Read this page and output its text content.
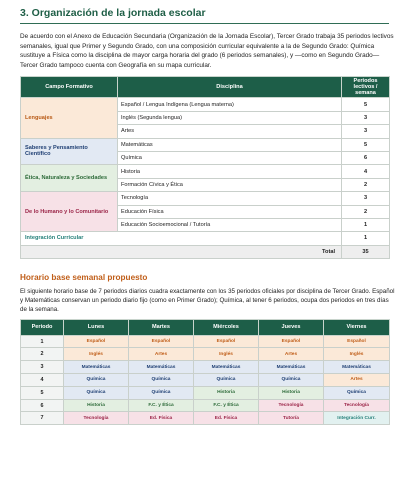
3. Organización de la jornada escolar

De acuerdo con el Anexo de Educación Secundaria (Organización de la Jornada Escolar), Tercer Grado trabaja 35 periodos lectivos semanales, igual que Primer y Segundo Grado, con una composición curricular equivalente a la de Segundo Grado: Química sustituye a Física como la disciplina de mayor carga horaria del grado (6 periodos semanales), y —como en Segundo Grado— Tercer Grado tampoco cuenta con Geografía en su mapa curricular.

Campo Formativo	Disciplina	Periodos lectivos / semana
Lenguajes	Español / Lengua Indígena (Lengua materna)	5
	Inglés (Segunda lengua)	3
	Artes	3
Saberes y Pensamiento Científico	Matemáticas	5
	Química	6
Ética, Naturaleza y Sociedades	Historia	4
	Formación Cívica y Ética	2
De lo Humano y lo Comunitario	Tecnología	3
	Educación Física	2
	Educación Socioemocional / Tutoría	1
Integración Curricular		1
Total		35
Horario base semanal propuesto

El siguiente horario base de 7 periodos diarios cuadra exactamente con los 35 periodos oficiales por disciplina de Tercer Grado. Español y Matemáticas conservan un periodo diario fijo (como en Primer Grado); Química, al tener 6 periodos, ocupa dos periodos en tres días de la semana.

Periodo	Lunes	Martes	Miércoles	Jueves	Viernes
1	Español	Español	Español	Español	Español
2	Inglés	Artes	Inglés	Artes	Inglés
3	Matemáticas	Matemáticas	Matemáticas	Matemáticas	Matemáticas
4	Química	Química	Química	Química	Artes
5	Química	Química	Historia	Historia	Química
6	Historia	F.C. y Ética	F.C. y Ética	Tecnología	Tecnología
7	Tecnología	Ed. Física	Ed. Física	Tutoría	Integración Curr.
